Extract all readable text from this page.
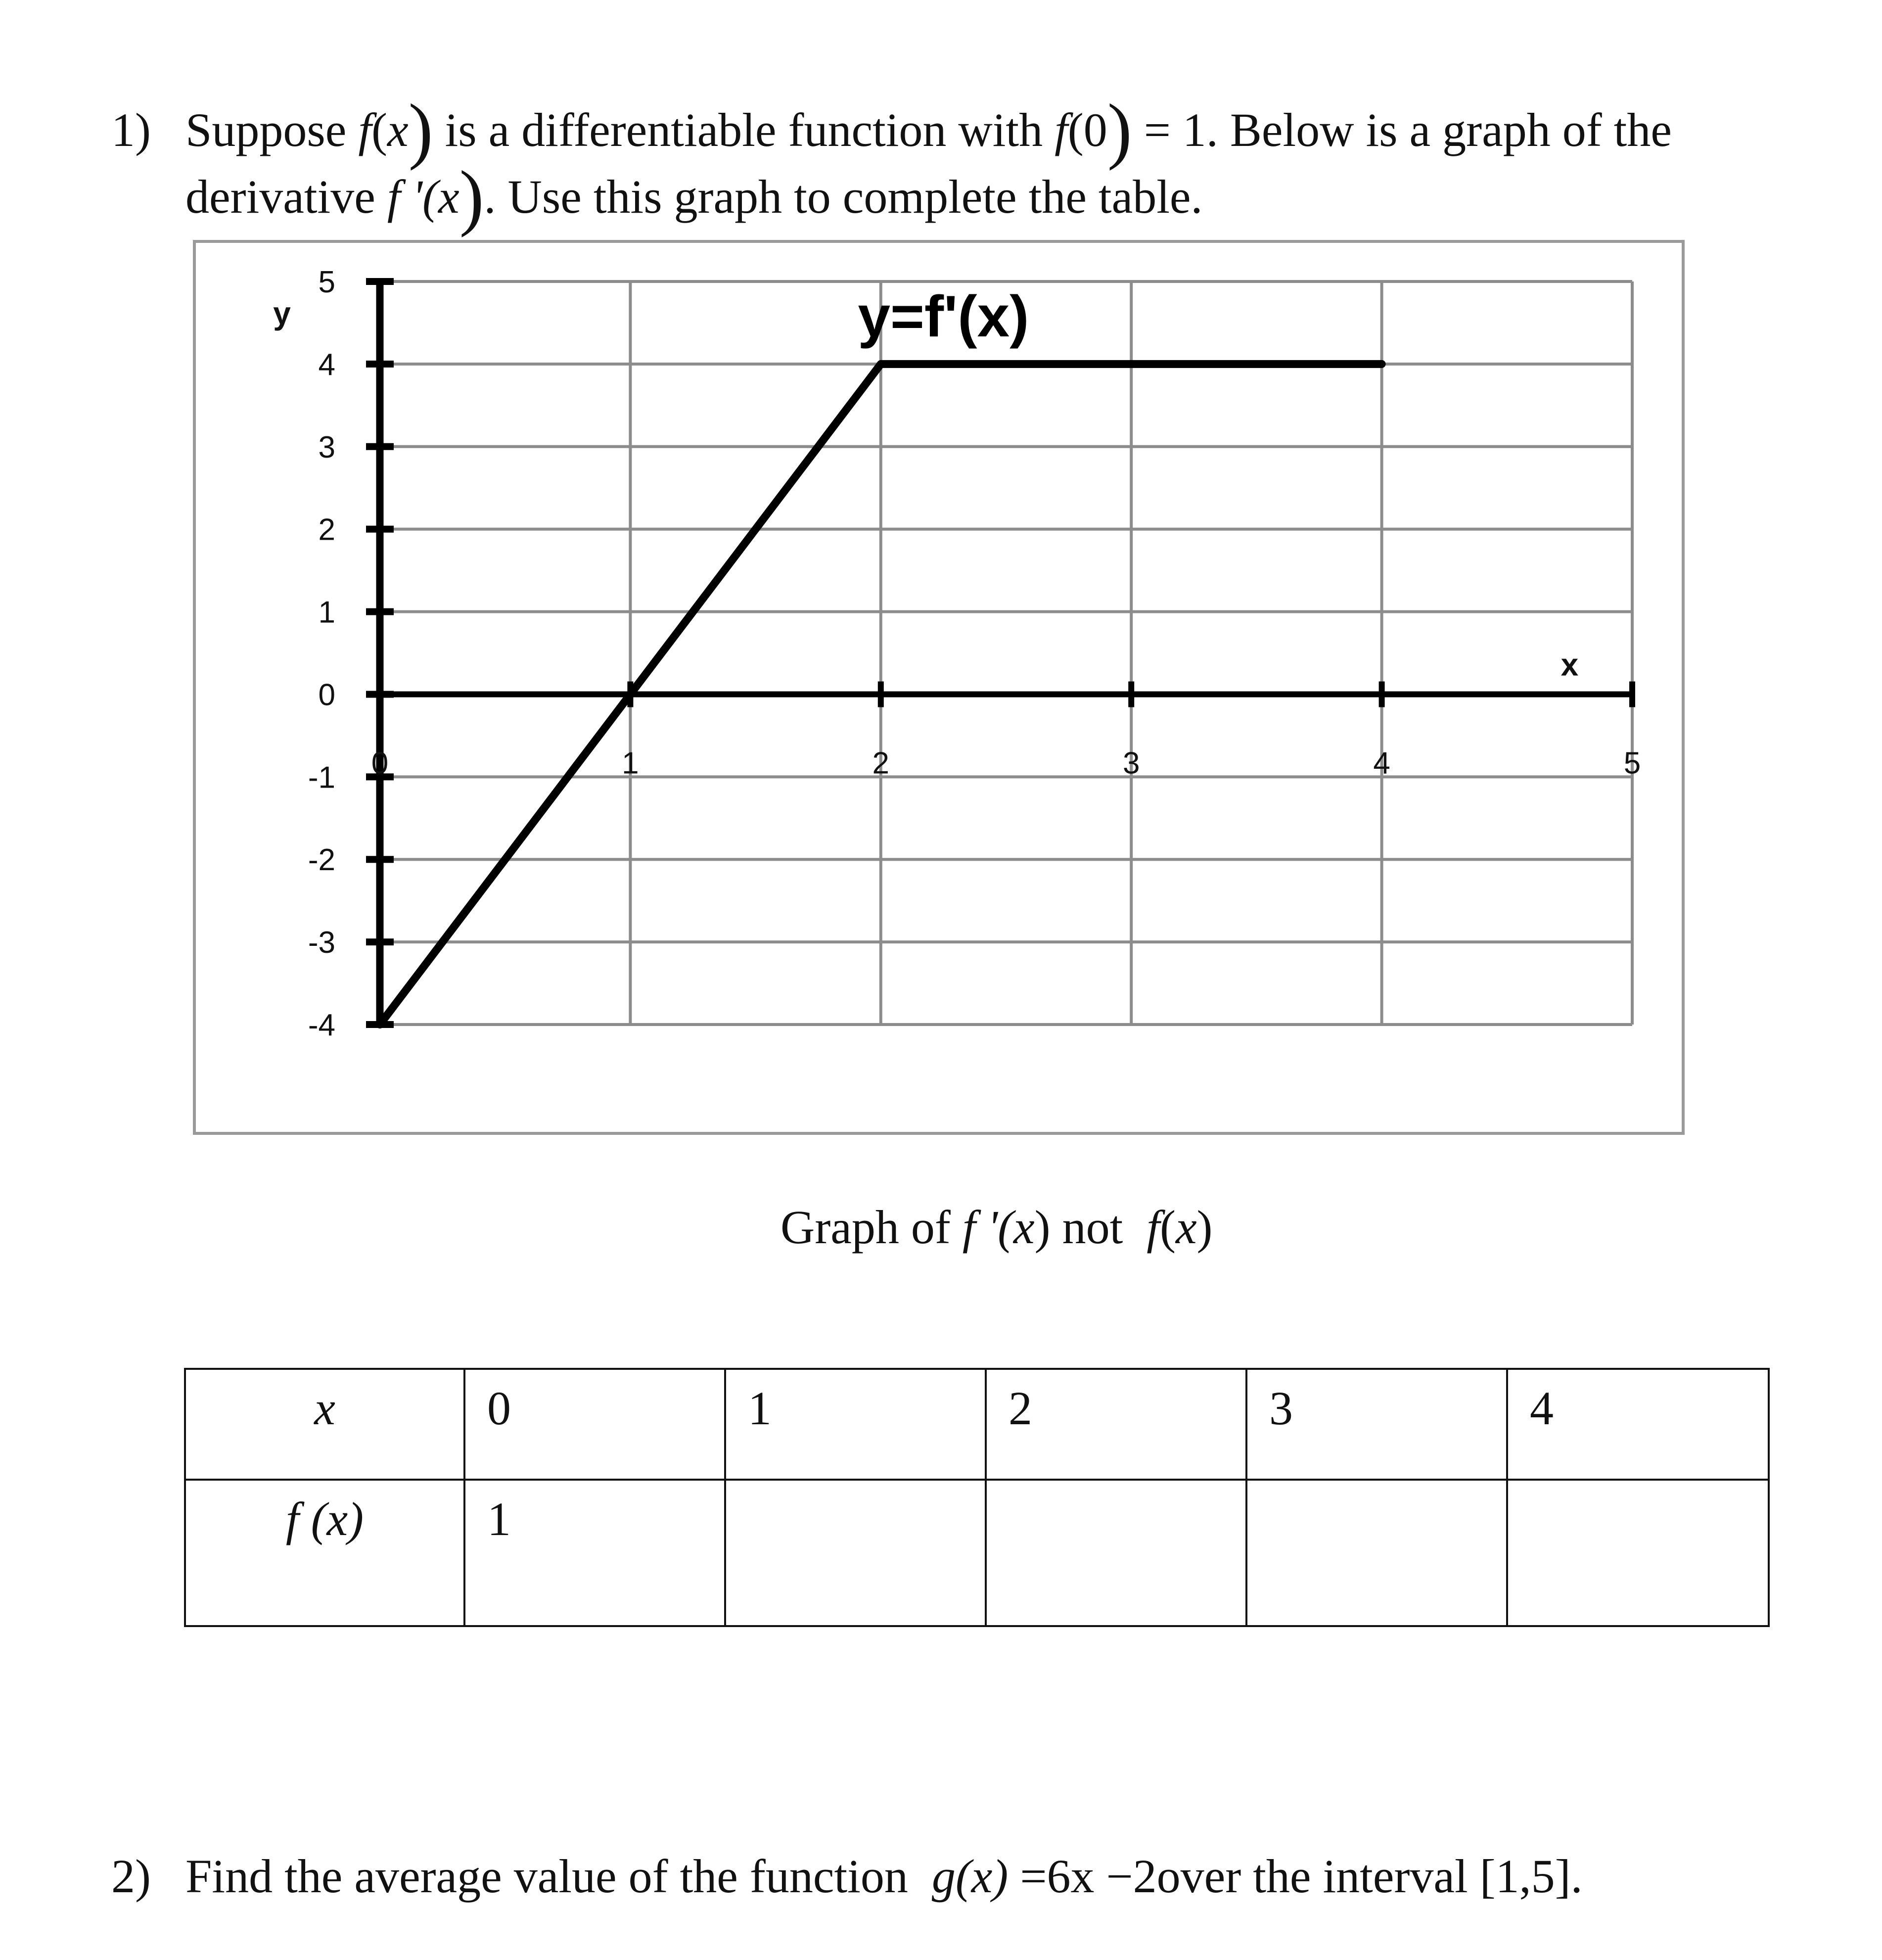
1) Suppose f(x) is a differentiable function with f(0) = 1. Below is a graph of the
derivative f '(x). Use this graph to complete the table.
5
4
3
2
1
0
-1
-2
-3
-4
0	1	2	3	4	5
y
x
y=f'(x)
Graph of f '(x) not f(x)
x	0	1	2	3	4
f (x)	1				
2) Find the average value of the function g(x) =6x −2over the interval [1,5].
